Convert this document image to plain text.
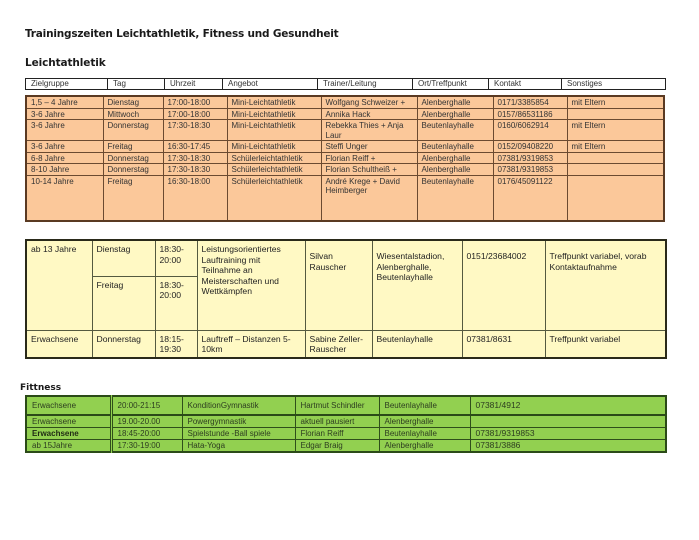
Trainingszeiten Leichtathletik, Fitness und Gesundheit
Leichtathletik
Zielgruppe	Tag	Uhrzeit	Angebot	Trainer/Leitung	Ort/Treffpunkt	Kontakt	Sonstiges
1,5 – 4 Jahre	Dienstag	17:00-18:00	Mini-Leichtathletik	Wolfgang Schweizer +	Alenberghalle	0171/3385854	mit Eltern
3-6 Jahre	Mittwoch	17:00-18:00	Mini-Leichtathletik	Annika Hack	Alenberghalle	0157/86531186	
3-6 Jahre	Donnerstag	17:30-18:30	Mini-Leichtathletik	Rebekka Thies + Anja Laur	Beutenlayhalle	0160/6062914	mit Eltern
3-6 Jahre	Freitag	16:30-17:45	Mini-Leichtathletik	Steffi Unger	Beutenlayhalle	0152/09408220	mit Eltern
6-8 Jahre	Donnerstag	17:30-18:30	Schülerleichtathletik	Florian Reiff +	Alenberghalle	07381/9319853	
8-10 Jahre	Donnerstag	17:30-18:30	Schülerleichtathletik	Florian Schultheiß +	Alenberghalle	07381/9319853	
10-14 Jahre	Freitag	16:30-18:00	Schülerleichtathletik	André Krege + David Heimberger	Beutenlayhalle	0176/45091122	
ab 13 Jahre	Dienstag	18:30-20:00	Leistungsorientiertes Lauftraining mit Teilnahme an Meisterschaften und Wettkämpfen	Silvan Rauscher	Wiesentalstadion, Alenberghalle, Beutenlayhalle	0151/23684002	Treffpunkt variabel, vorab Kontaktaufnahme
	Freitag	18:30-20:00					
Erwachsene	Donnerstag	18:15-19:30	Lauftreff – Distanzen 5-10km	Sabine Zeller-Rauscher	Beutenlayhalle	07381/8631	Treffpunkt variabel
Fittness
Erwachsene	20:00-21:15	KonditionGymnastik	Hartmut Schindler	Beutenlayhalle	07381/4912
Erwachsene	19.00-20.00	Powergymnastik	aktuell pausiert	Alenberghalle	
Erwachsene	18:45-20:00	Spielstunde -Ball spiele	Florian Reiff	Beutenlayhalle	07381/9319853
ab 15Jahre	17:30-19:00	Hata-Yoga	Edgar Braig	Alenberghalle	07381/3886
